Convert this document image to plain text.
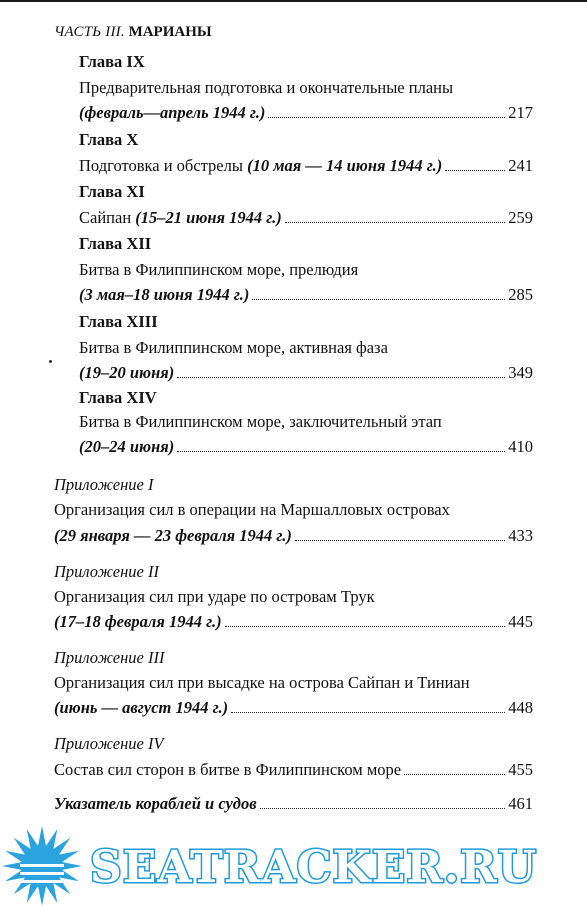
ЧАСТЬ III. МАРИАНЫ
Глава IX
Предварительная подготовка и окончательные планы
(февраль—апрель 1944 г.)	217
Глава X
Подготовка и обстрелы (10 мая — 14 июня 1944 г.)	241
Глава XI
Сайпан (15–21 июня 1944 г.)	259
Глава XII
Битва в Филиппинском море, прелюдия
(3 мая–18 июня 1944 г.)	285
Глава XIII
Битва в Филиппинском море, активная фаза
(19–20 июня)	349
Глава XIV
Битва в Филиппинском море, заключительный этап
(20–24 июня)	410
Приложение I
Организация сил в операции на Маршалловых островах
(29 января — 23 февраля 1944 г.)	433
Приложение II
Организация сил при ударе по островам Трук
(17–18 февраля 1944 г.)	445
Приложение III
Организация сил при высадке на острова Сайпан и Тиниан
(июнь — август 1944 г.)	448
Приложение IV
Состав сил сторон в битве в Филиппинском море	455
Указатель кораблей и судов	461
SEATRACKER.RU
